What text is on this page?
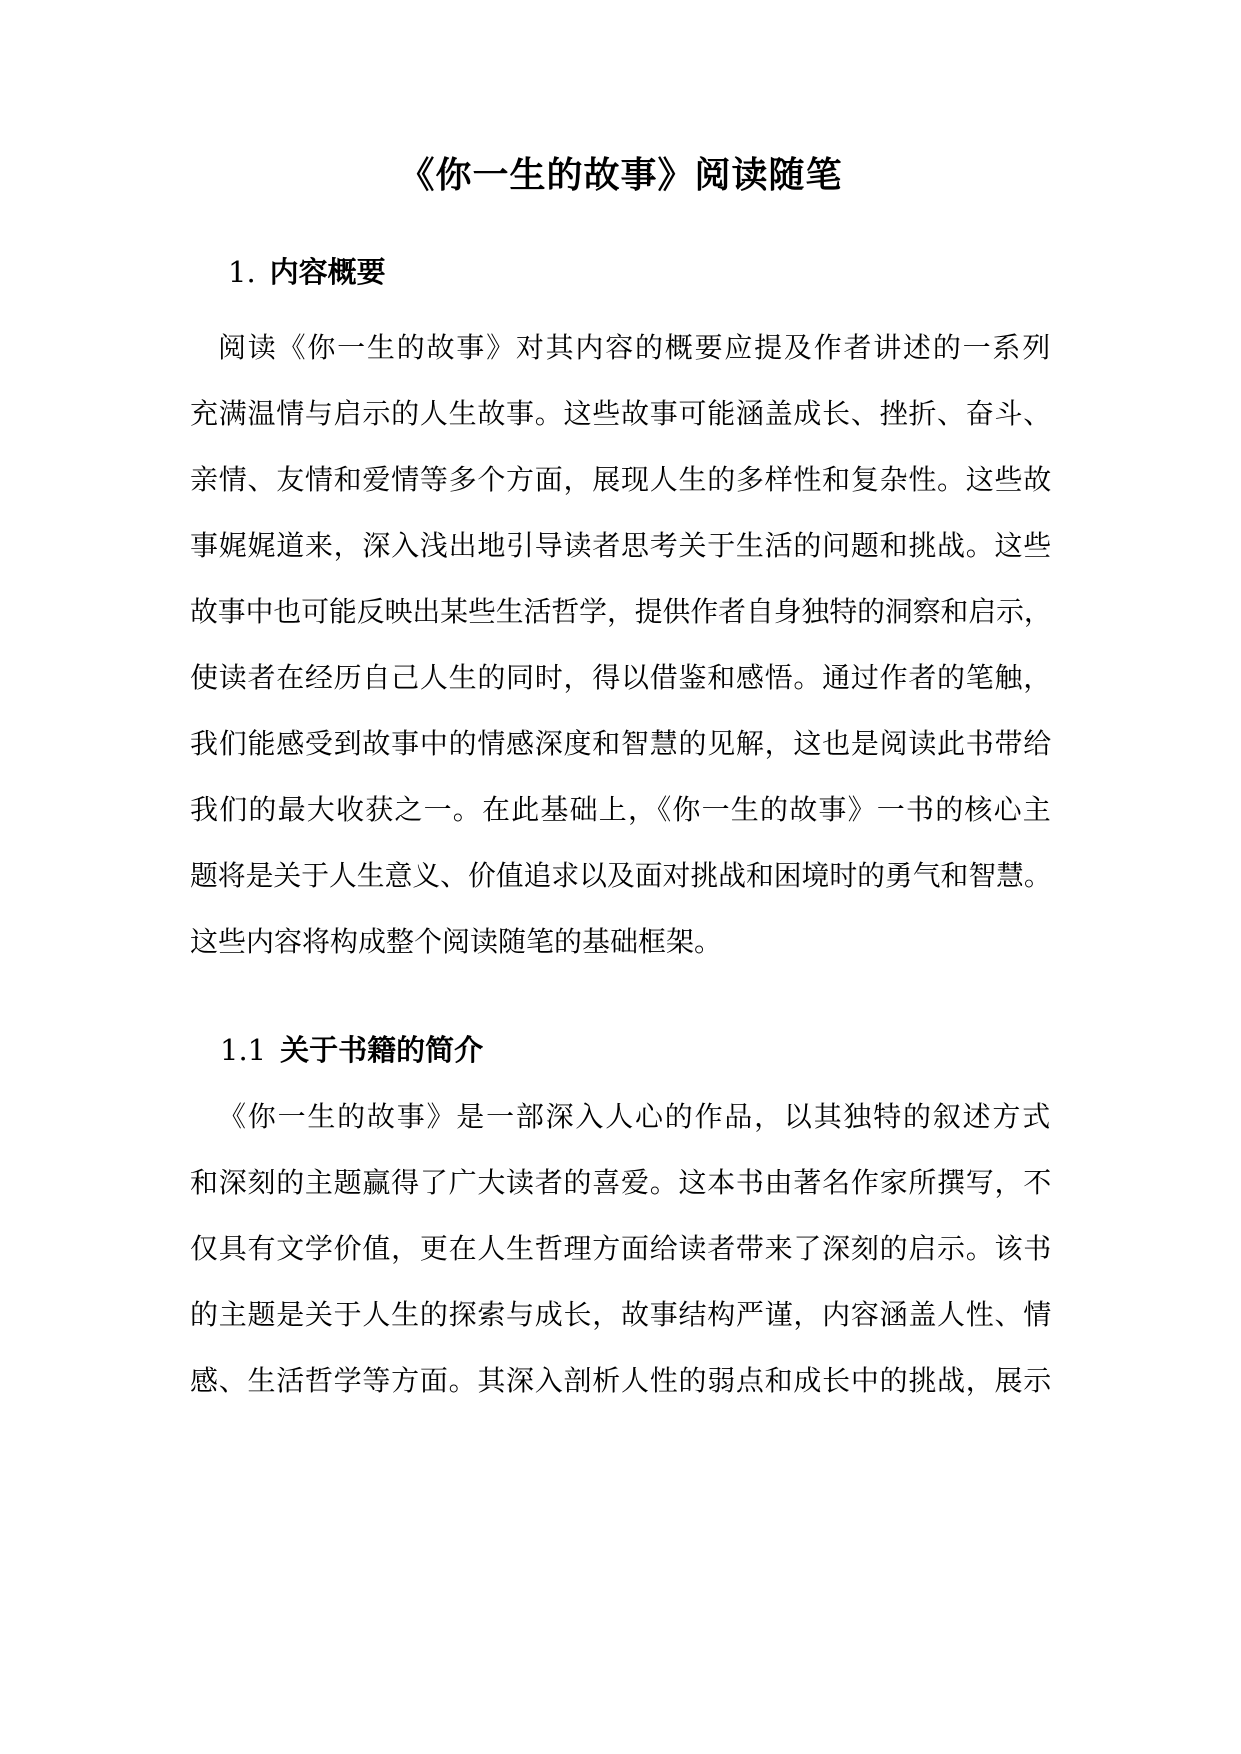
《你一生的故事》阅读随笔
1. 内容概要
阅读《你一生的故事》对其内容的概要应提及作者讲述的一系列
充满温情与启示的人生故事。这些故事可能涵盖成长、挫折、奋斗、
亲情、友情和爱情等多个方面，展现人生的多样性和复杂性。这些故
事娓娓道来，深入浅出地引导读者思考关于生活的问题和挑战。这些
故事中也可能反映出某些生活哲学，提供作者自身独特的洞察和启示，
使读者在经历自己人生的同时，得以借鉴和感悟。通过作者的笔触，
我们能感受到故事中的情感深度和智慧的见解，这也是阅读此书带给
我们的最大收获之一。在此基础上，《你一生的故事》一书的核心主
题将是关于人生意义、价值追求以及面对挑战和困境时的勇气和智慧。
这些内容将构成整个阅读随笔的基础框架。
1.1 关于书籍的简介
《你一生的故事》是一部深入人心的作品，以其独特的叙述方式
和深刻的主题赢得了广大读者的喜爱。这本书由著名作家所撰写，不
仅具有文学价值，更在人生哲理方面给读者带来了深刻的启示。该书
的主题是关于人生的探索与成长，故事结构严谨，内容涵盖人性、情
感、生活哲学等方面。其深入剖析人性的弱点和成长中的挑战，展示
